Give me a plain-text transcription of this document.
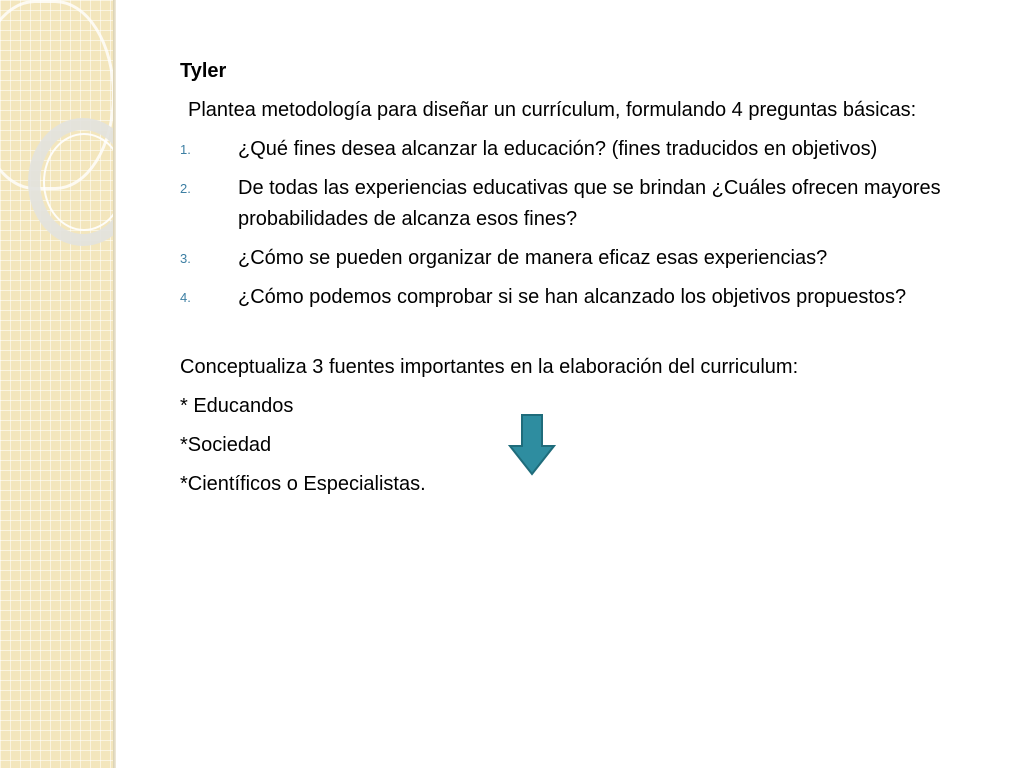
Tyler

Plantea metodología para diseñar un currículum, formulando 4 preguntas básicas:

1. ¿Qué fines desea alcanzar la educación? (fines traducidos en objetivos)
2. De todas las experiencias educativas que se brindan ¿Cuáles ofrecen mayores probabilidades de alcanza esos fines?
3. ¿Cómo se pueden organizar de manera eficaz esas experiencias?
4. ¿Cómo podemos comprobar si se han alcanzado los objetivos propuestos?

Conceptualiza 3 fuentes importantes en la elaboración del curriculum:

* Educandos

*Sociedad

*Científicos o Especialistas.
